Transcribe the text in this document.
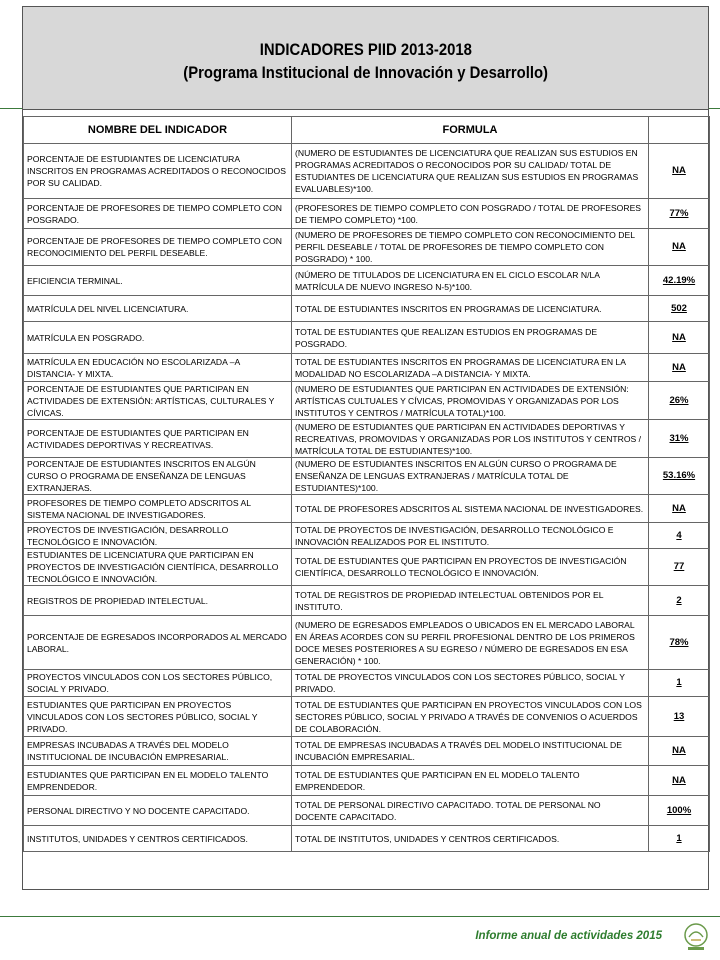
INDICADORES PIID 2013-2018
(Programa Institucional de Innovación y Desarrollo)
NOMBRE DEL INDICADOR	FORMULA	
PORCENTAJE DE ESTUDIANTES DE LICENCIATURA INSCRITOS EN PROGRAMAS ACREDITADOS O RECONOCIDOS POR SU CALIDAD.	(NUMERO DE ESTUDIANTES DE LICENCIATURA QUE REALIZAN SUS ESTUDIOS EN PROGRAMAS ACREDITADOS O RECONOCIDOS POR SU CALIDAD/ TOTAL DE ESTUDIANTES DE LICENCIATURA QUE REALIZAN SUS ESTUDIOS EN PROGRAMAS EVALUABLES)*100.	NA
PORCENTAJE DE PROFESORES DE TIEMPO COMPLETO CON POSGRADO.	(PROFESORES DE TIEMPO COMPLETO CON POSGRADO / TOTAL DE PROFESORES DE TIEMPO COMPLETO) *100.	77%
PORCENTAJE DE PROFESORES DE TIEMPO COMPLETO CON RECONOCIMIENTO DEL PERFIL DESEABLE.	(NUMERO DE PROFESORES DE TIEMPO COMPLETO CON RECONOCIMIENTO DEL PERFIL DESEABLE / TOTAL DE PROFESORES DE TIEMPO COMPLETO CON POSGRADO) * 100.	NA
EFICIENCIA TERMINAL.	(NÚMERO DE TITULADOS DE LICENCIATURA EN EL CICLO ESCOLAR N/LA MATRÍCULA DE NUEVO INGRESO N-5)*100.	42.19%
MATRÍCULA DEL NIVEL LICENCIATURA.	TOTAL DE ESTUDIANTES INSCRITOS EN PROGRAMAS DE LICENCIATURA.	502
MATRÍCULA EN POSGRADO.	TOTAL DE ESTUDIANTES QUE REALIZAN ESTUDIOS EN PROGRAMAS DE POSGRADO.	NA
MATRÍCULA EN EDUCACIÓN NO ESCOLARIZADA –A DISTANCIA- Y MIXTA.	TOTAL DE ESTUDIANTES INSCRITOS EN PROGRAMAS DE LICENCIATURA EN LA MODALIDAD NO ESCOLARIZADA –A DISTANCIA- Y MIXTA.	NA
PORCENTAJE DE ESTUDIANTES QUE PARTICIPAN EN ACTIVIDADES DE EXTENSIÓN: ARTÍSTICAS, CULTURALES Y CÍVICAS.	(NUMERO DE ESTUDIANTES QUE PARTICIPAN EN ACTIVIDADES DE EXTENSIÓN: ARTÍSTICAS CULTUALES Y CÍVICAS, PROMOVIDAS Y ORGANIZADAS POR LOS INSTITUTOS Y CENTROS / MATRÍCULA TOTAL)*100.	26%
PORCENTAJE DE ESTUDIANTES QUE PARTICIPAN EN ACTIVIDADES DEPORTIVAS Y RECREATIVAS.	(NUMERO DE ESTUDIANTES QUE PARTICIPAN EN ACTIVIDADES DEPORTIVAS Y RECREATIVAS, PROMOVIDAS Y ORGANIZADAS POR LOS INSTITUTOS Y CENTROS / MATRÍCULA TOTAL DE ESTUDIANTES)*100.	31%
PORCENTAJE DE ESTUDIANTES INSCRITOS EN ALGÚN CURSO O PROGRAMA DE ENSEÑANZA DE LENGUAS EXTRANJERAS.	(NUMERO DE ESTUDIANTES INSCRITOS EN ALGÚN CURSO O PROGRAMA DE ENSEÑANZA DE LENGUAS EXTRANJERAS / MATRÍCULA TOTAL DE ESTUDIANTES)*100.	53.16%
PROFESORES DE TIEMPO COMPLETO ADSCRITOS AL SISTEMA NACIONAL DE INVESTIGADORES.	TOTAL DE PROFESORES ADSCRITOS AL SISTEMA NACIONAL DE INVESTIGADORES.	NA
PROYECTOS DE INVESTIGACIÓN, DESARROLLO TECNOLÓGICO E INNOVACIÓN.	TOTAL DE PROYECTOS DE INVESTIGACIÓN, DESARROLLO TECNOLÓGICO E INNOVACIÓN REALIZADOS POR EL INSTITUTO.	4
ESTUDIANTES DE LICENCIATURA QUE PARTICIPAN EN PROYECTOS DE INVESTIGACIÓN CIENTÍFICA, DESARROLLO TECNOLÓGICO E INNOVACIÓN.	TOTAL DE ESTUDIANTES QUE PARTICIPAN EN PROYECTOS DE INVESTIGACIÓN CIENTÍFICA, DESARROLLO TECNOLÓGICO E INNOVACIÓN.	77
REGISTROS DE PROPIEDAD INTELECTUAL.	TOTAL DE REGISTROS DE PROPIEDAD INTELECTUAL OBTENIDOS POR EL INSTITUTO.	2
PORCENTAJE DE EGRESADOS INCORPORADOS AL MERCADO LABORAL.	(NUMERO DE EGRESADOS EMPLEADOS O UBICADOS EN EL MERCADO LABORAL EN ÁREAS ACORDES CON SU PERFIL PROFESIONAL DENTRO DE LOS PRIMEROS DOCE MESES POSTERIORES A SU EGRESO / NÚMERO DE EGRESADOS EN ESA GENERACIÓN) * 100.	78%
PROYECTOS VINCULADOS CON LOS SECTORES PÚBLICO, SOCIAL Y PRIVADO.	TOTAL DE PROYECTOS VINCULADOS CON LOS SECTORES PÚBLICO, SOCIAL Y PRIVADO.	1
ESTUDIANTES QUE PARTICIPAN EN PROYECTOS VINCULADOS CON LOS SECTORES PÚBLICO, SOCIAL Y PRIVADO.	TOTAL DE ESTUDIANTES QUE PARTICIPAN EN PROYECTOS VINCULADOS CON LOS SECTORES PÚBLICO, SOCIAL Y PRIVADO A TRAVÉS DE CONVENIOS O ACUERDOS DE COLABORACIÓN.	13
EMPRESAS INCUBADAS A TRAVÉS DEL MODELO INSTITUCIONAL DE INCUBACIÓN EMPRESARIAL.	TOTAL DE EMPRESAS INCUBADAS A TRAVÉS DEL MODELO INSTITUCIONAL DE INCUBACIÓN EMPRESARIAL.	NA
ESTUDIANTES QUE PARTICIPAN EN EL MODELO TALENTO EMPRENDEDOR.	TOTAL DE ESTUDIANTES QUE PARTICIPAN EN EL MODELO TALENTO EMPRENDEDOR.	NA
PERSONAL DIRECTIVO Y NO DOCENTE CAPACITADO.	TOTAL DE PERSONAL DIRECTIVO CAPACITADO. TOTAL DE PERSONAL NO DOCENTE CAPACITADO.	100%
INSTITUTOS, UNIDADES Y CENTROS CERTIFICADOS.	TOTAL DE INSTITUTOS, UNIDADES Y CENTROS CERTIFICADOS.	1
Informe anual de actividades 2015
